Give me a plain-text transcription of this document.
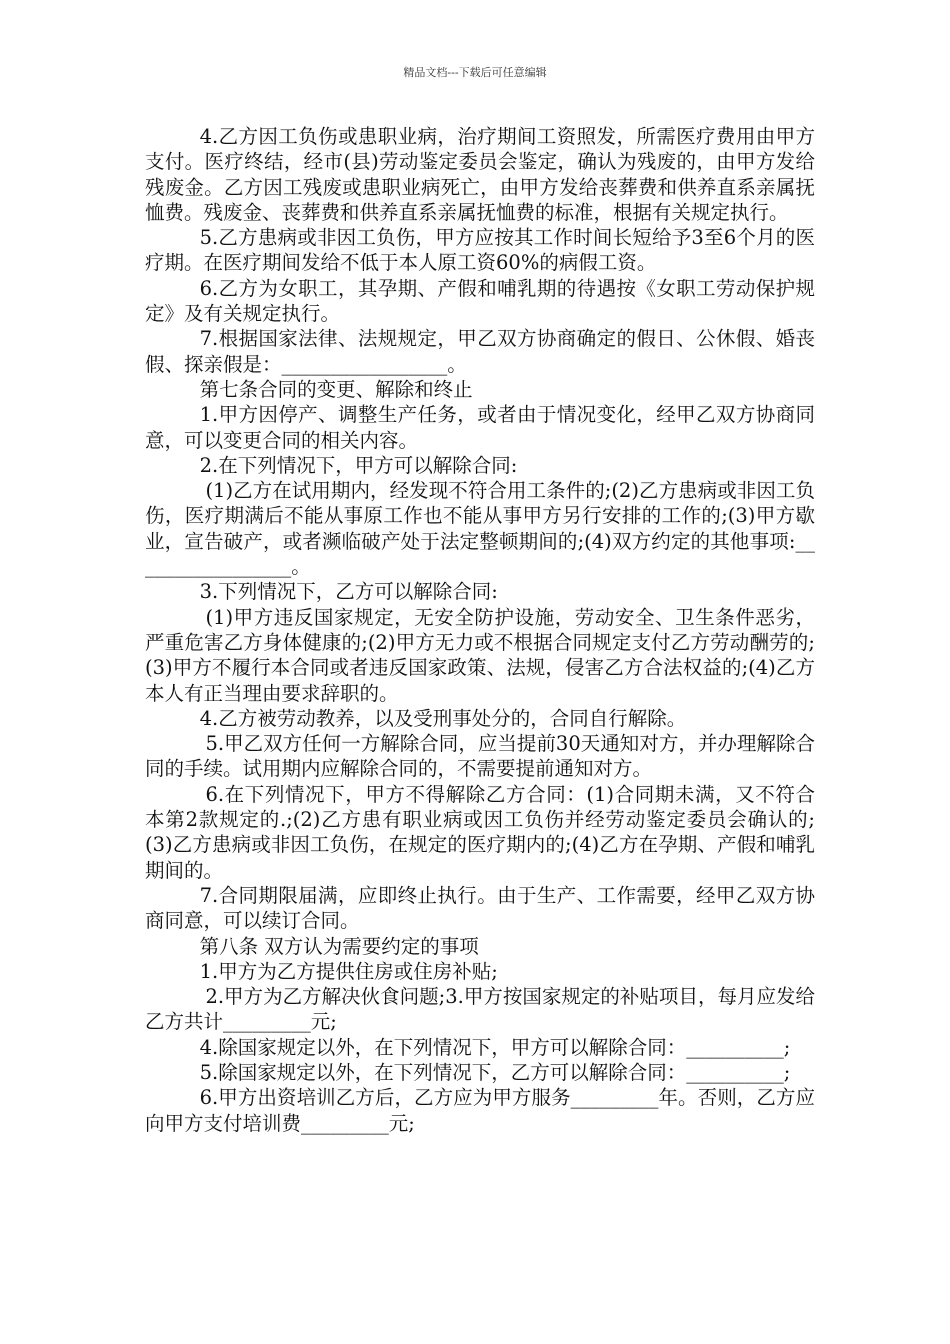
精品文档---下载后可任意编辑

4.乙方因工负伤或患职业病，治疗期间工资照发，所需医疗费用由甲方支付。医疗终结，经市(县)劳动鉴定委员会鉴定，确认为残废的，由甲方发给残废金。乙方因工残废或患职业病死亡，由甲方发给丧葬费和供养直系亲属抚恤费。残废金、丧葬费和供养直系亲属抚恤费的标准，根据有关规定执行。

5.乙方患病或非因工负伤，甲方应按其工作时间长短给予3至6个月的医疗期。在医疗期间发给不低于本人原工资60%的病假工资。

6.乙方为女职工，其孕期、产假和哺乳期的待遇按《女职工劳动保护规定》及有关规定执行。

7.根据国家法律、法规规定，甲乙双方协商确定的假日、公休假、婚丧假、探亲假是：_________________。

第七条合同的变更、解除和终止

1.甲方因停产、调整生产任务，或者由于情况变化，经甲乙双方协商同意，可以变更合同的相关内容。

2.在下列情况下，甲方可以解除合同:

(1)乙方在试用期内，经发现不符合用工条件的;(2)乙方患病或非因工负伤，医疗期满后不能从事原工作也不能从事甲方另行安排的工作的;(3)甲方歇业，宣告破产，或者濒临破产处于法定整顿期间的;(4)双方约定的其他事项:_________________。

3.下列情况下，乙方可以解除合同:

(1)甲方违反国家规定，无安全防护设施，劳动安全、卫生条件恶劣，严重危害乙方身体健康的;(2)甲方无力或不根据合同规定支付乙方劳动酬劳的;(3)甲方不履行本合同或者违反国家政策、法规，侵害乙方合法权益的;(4)乙方本人有正当理由要求辞职的。

4.乙方被劳动教养，以及受刑事处分的，合同自行解除。

5.甲乙双方任何一方解除合同，应当提前30天通知对方，并办理解除合同的手续。试用期内应解除合同的，不需要提前通知对方。

6.在下列情况下，甲方不得解除乙方合同：(1)合同期未满，又不符合本第2款规定的.;(2)乙方患有职业病或因工负伤并经劳动鉴定委员会确认的;(3)乙方患病或非因工负伤，在规定的医疗期内的;(4)乙方在孕期、产假和哺乳期间的。

7.合同期限届满，应即终止执行。由于生产、工作需要，经甲乙双方协商同意，可以续订合同。

第八条 双方认为需要约定的事项

1.甲方为乙方提供住房或住房补贴;

2.甲方为乙方解决伙食问题;3.甲方按国家规定的补贴项目，每月应发给乙方共计_________元;

4.除国家规定以外，在下列情况下，甲方可以解除合同：__________;

5.除国家规定以外，在下列情况下，乙方可以解除合同：__________;

6.甲方出资培训乙方后，乙方应为甲方服务_________年。否则，乙方应向甲方支付培训费_________元;
